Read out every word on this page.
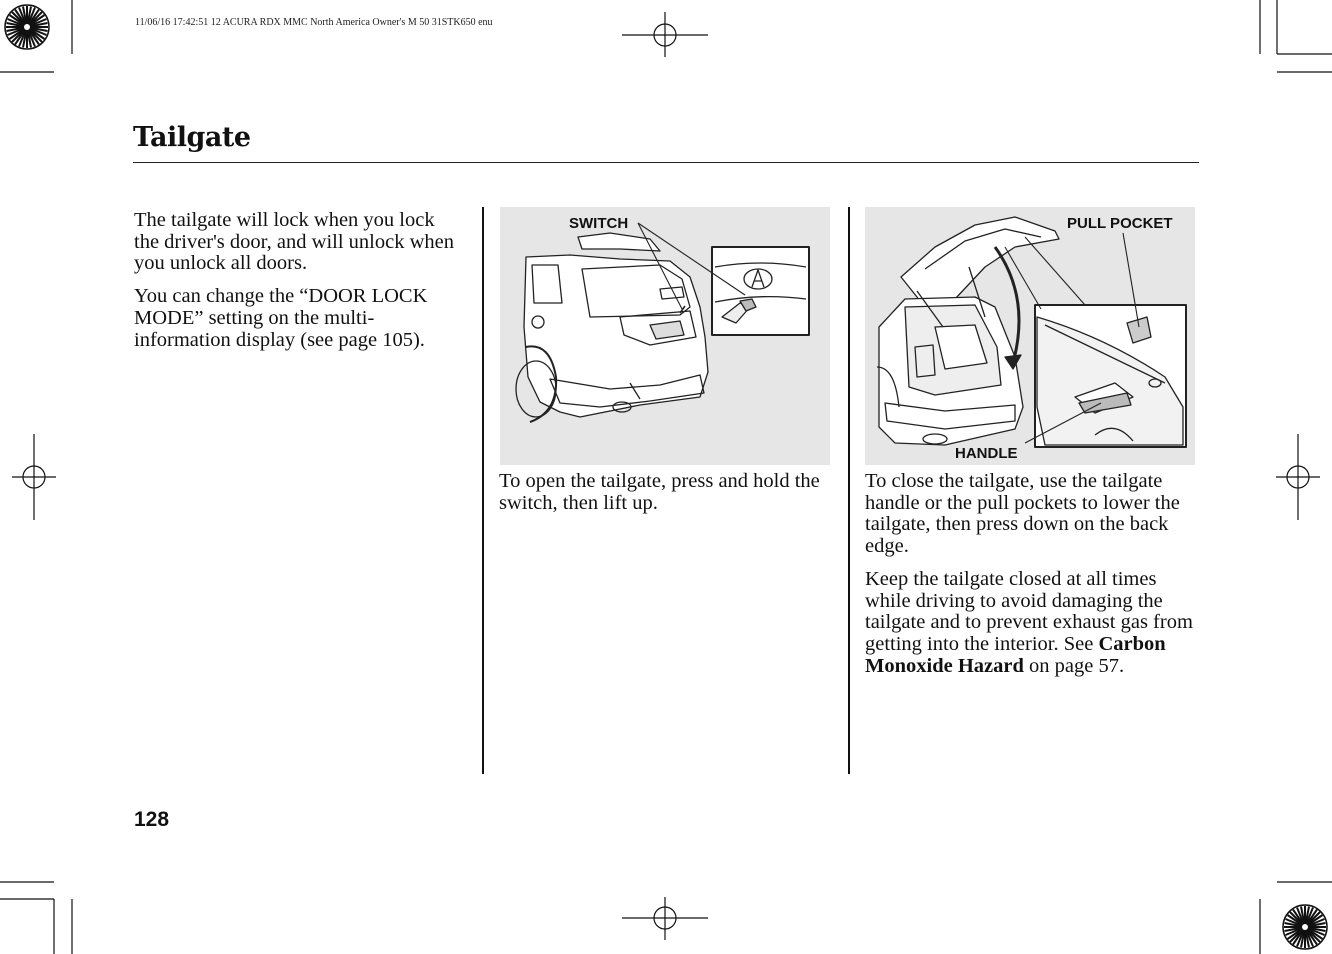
11/06/16 17:42:51 12 ACURA RDX MMC North America Owner's M 50 31STK650 enu
Tailgate

The tailgate will lock when you lock the driver's door, and will unlock when you unlock all doors.

You can change the “DOOR LOCK MODE” setting on the multi-information display (see page 105).

SWITCH

To open the tailgate, press and hold the switch, then lift up.

PULL POCKET
HANDLE

To close the tailgate, use the tailgate handle or the pull pockets to lower the tailgate, then press down on the back edge.

Keep the tailgate closed at all times while driving to avoid damaging the tailgate and to prevent exhaust gas from getting into the interior. See Carbon Monoxide Hazard on page 57.

128
